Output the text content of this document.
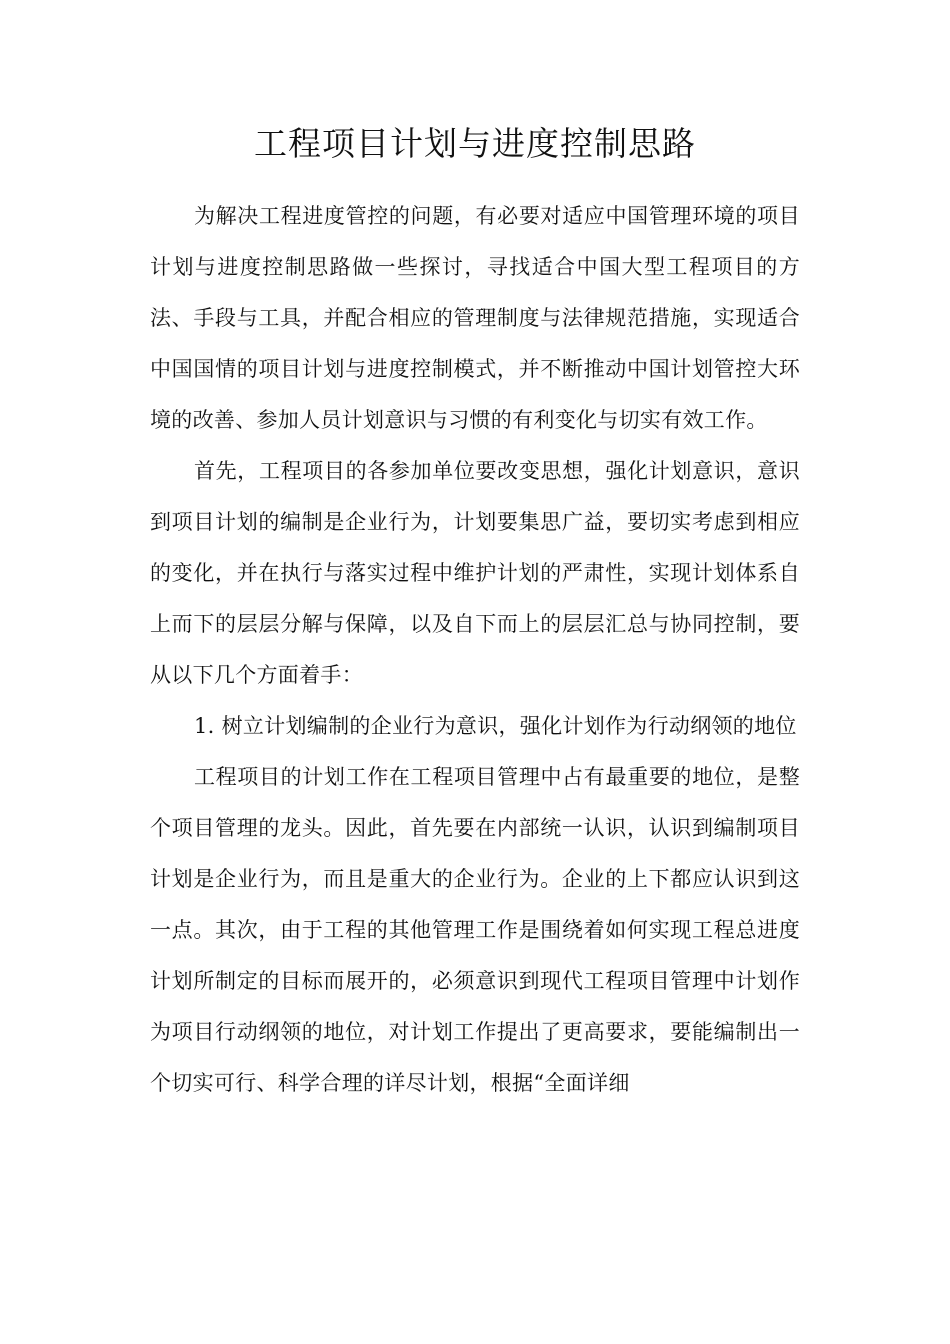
工程项目计划与进度控制思路

为解决工程进度管控的问题，有必要对适应中国管理环境的项目计划与进度控制思路做一些探讨，寻找适合中国大型工程项目的方法、手段与工具，并配合相应的管理制度与法律规范措施，实现适合中国国情的项目计划与进度控制模式，并不断推动中国计划管控大环境的改善、参加人员计划意识与习惯的有利变化与切实有效工作。

首先，工程项目的各参加单位要改变思想，强化计划意识，意识到项目计划的编制是企业行为，计划要集思广益，要切实考虑到相应的变化，并在执行与落实过程中维护计划的严肃性，实现计划体系自上而下的层层分解与保障，以及自下而上的层层汇总与协同控制，要从以下几个方面着手：

1. 树立计划编制的企业行为意识，强化计划作为行动纲领的地位

工程项目的计划工作在工程项目管理中占有最重要的地位，是整个项目管理的龙头。因此，首先要在内部统一认识，认识到编制项目计划是企业行为，而且是重大的企业行为。企业的上下都应认识到这一点。其次，由于工程的其他管理工作是围绕着如何实现工程总进度计划所制定的目标而展开的，必须意识到现代工程项目管理中计划作为项目行动纲领的地位，对计划工作提出了更高要求，要能编制出一个切实可行、科学合理的详尽计划，根据“全面详细
